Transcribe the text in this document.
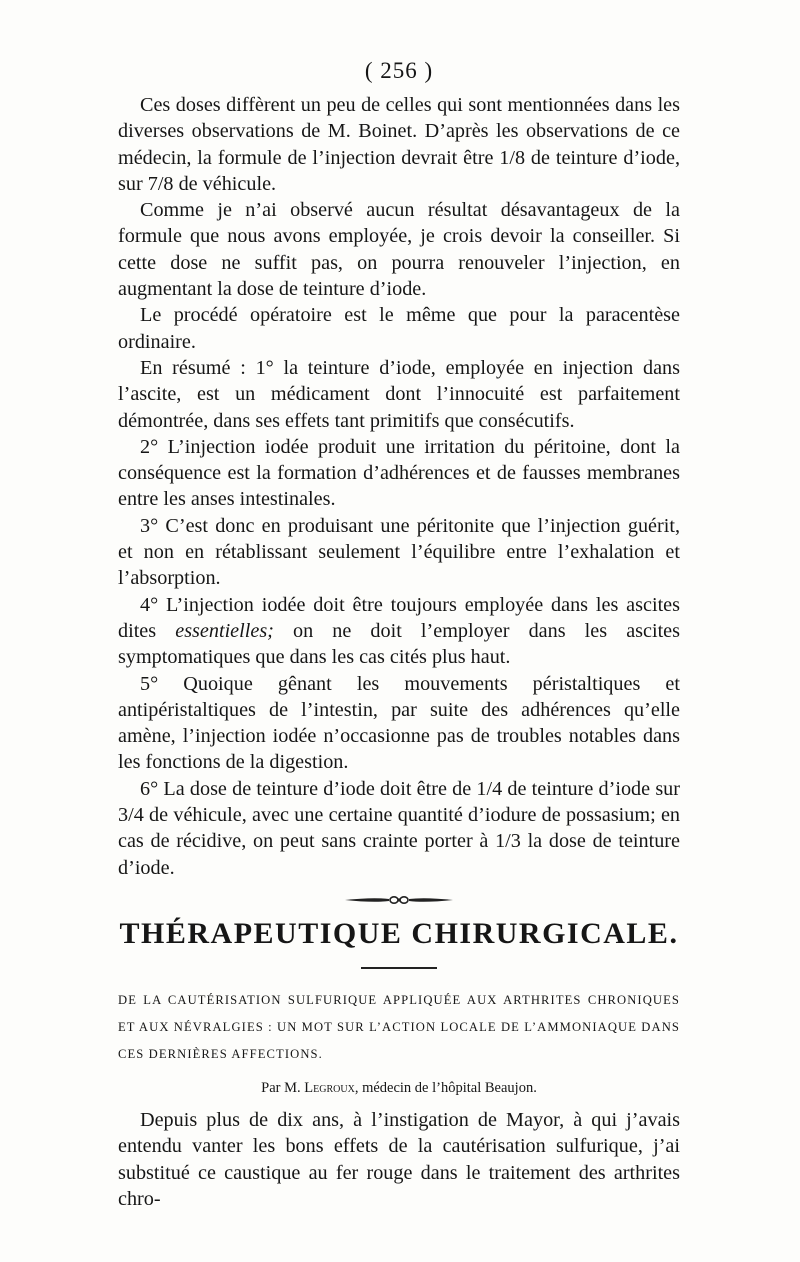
( 256 )

Ces doses diffèrent un peu de celles qui sont mentionnées dans les diverses observations de M. Boinet. D’après les observations de ce médecin, la formule de l’injection devrait être 1/8 de teinture d’iode, sur 7/8 de véhicule.

Comme je n’ai observé aucun résultat désavantageux de la formule que nous avons employée, je crois devoir la conseiller. Si cette dose ne suffit pas, on pourra renouveler l’injection, en augmentant la dose de teinture d’iode.

Le procédé opératoire est le même que pour la paracentèse ordinaire.

En résumé : 1° la teinture d’iode, employée en injection dans l’ascite, est un médicament dont l’innocuité est parfaitement démontrée, dans ses effets tant primitifs que consécutifs.

2° L’injection iodée produit une irritation du péritoine, dont la conséquence est la formation d’adhérences et de fausses membranes entre les anses intestinales.

3° C’est donc en produisant une péritonite que l’injection guérit, et non en rétablissant seulement l’équilibre entre l’exhalation et l’absorption.

4° L’injection iodée doit être toujours employée dans les ascites dites essentielles; on ne doit l’employer dans les ascites symptomatiques que dans les cas cités plus haut.

5° Quoique gênant les mouvements péristaltiques et antipéristaltiques de l’intestin, par suite des adhérences qu’elle amène, l’injection iodée n’occasionne pas de troubles notables dans les fonctions de la digestion.

6° La dose de teinture d’iode doit être de 1/4 de teinture d’iode sur 3/4 de véhicule, avec une certaine quantité d’iodure de possasium; en cas de récidive, on peut sans crainte porter à 1/3 la dose de teinture d’iode.

THÉRAPEUTIQUE CHIRURGICALE.

DE LA CAUTÉRISATION SULFURIQUE APPLIQUÉE AUX ARTHRITES CHRONIQUES ET AUX NÉVRALGIES : UN MOT SUR L’ACTION LOCALE DE L’AMMONIAQUE DANS CES DERNIÈRES AFFECTIONS.

Par M. Legroux, médecin de l’hôpital Beaujon.

Depuis plus de dix ans, à l’instigation de Mayor, à qui j’avais entendu vanter les bons effets de la cautérisation sulfurique, j’ai substitué ce caustique au fer rouge dans le traitement des arthrites chro-
